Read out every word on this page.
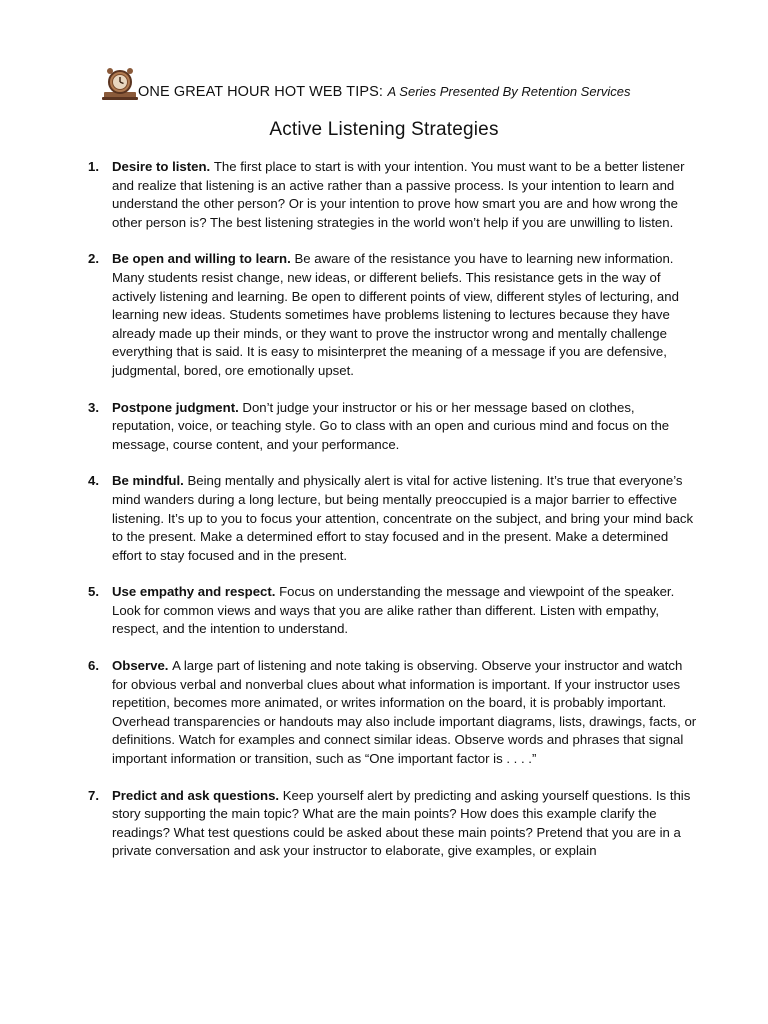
ONE GREAT HOUR HOT WEB TIPS: A Series Presented By Retention Services
Active Listening Strategies
1. Desire to listen. The first place to start is with your intention. You must want to be a better listener and realize that listening is an active rather than a passive process. Is your intention to learn and understand the other person? Or is your intention to prove how smart you are and how wrong the other person is? The best listening strategies in the world won’t help if you are unwilling to listen.
2. Be open and willing to learn. Be aware of the resistance you have to learning new information. Many students resist change, new ideas, or different beliefs. This resistance gets in the way of actively listening and learning. Be open to different points of view, different styles of lecturing, and learning new ideas. Students sometimes have problems listening to lectures because they have already made up their minds, or they want to prove the instructor wrong and mentally challenge everything that is said. It is easy to misinterpret the meaning of a message if you are defensive, judgmental, bored, ore emotionally upset.
3. Postpone judgment. Don’t judge your instructor or his or her message based on clothes, reputation, voice, or teaching style. Go to class with an open and curious mind and focus on the message, course content, and your performance.
4. Be mindful. Being mentally and physically alert is vital for active listening. It’s true that everyone’s mind wanders during a long lecture, but being mentally preoccupied is a major barrier to effective listening. It’s up to you to focus your attention, concentrate on the subject, and bring your mind back to the present. Make a determined effort to stay focused and in the present. Make a determined effort to stay focused and in the present.
5. Use empathy and respect. Focus on understanding the message and viewpoint of the speaker. Look for common views and ways that you are alike rather than different. Listen with empathy, respect, and the intention to understand.
6. Observe. A large part of listening and note taking is observing. Observe your instructor and watch for obvious verbal and nonverbal clues about what information is important. If your instructor uses repetition, becomes more animated, or writes information on the board, it is probably important. Overhead transparencies or handouts may also include important diagrams, lists, drawings, facts, or definitions. Watch for examples and connect similar ideas. Observe words and phrases that signal important information or transition, such as “One important factor is . . . .”
7. Predict and ask questions. Keep yourself alert by predicting and asking yourself questions. Is this story supporting the main topic? What are the main points? How does this example clarify the readings? What test questions could be asked about these main points? Pretend that you are in a private conversation and ask your instructor to elaborate, give examples, or explain
